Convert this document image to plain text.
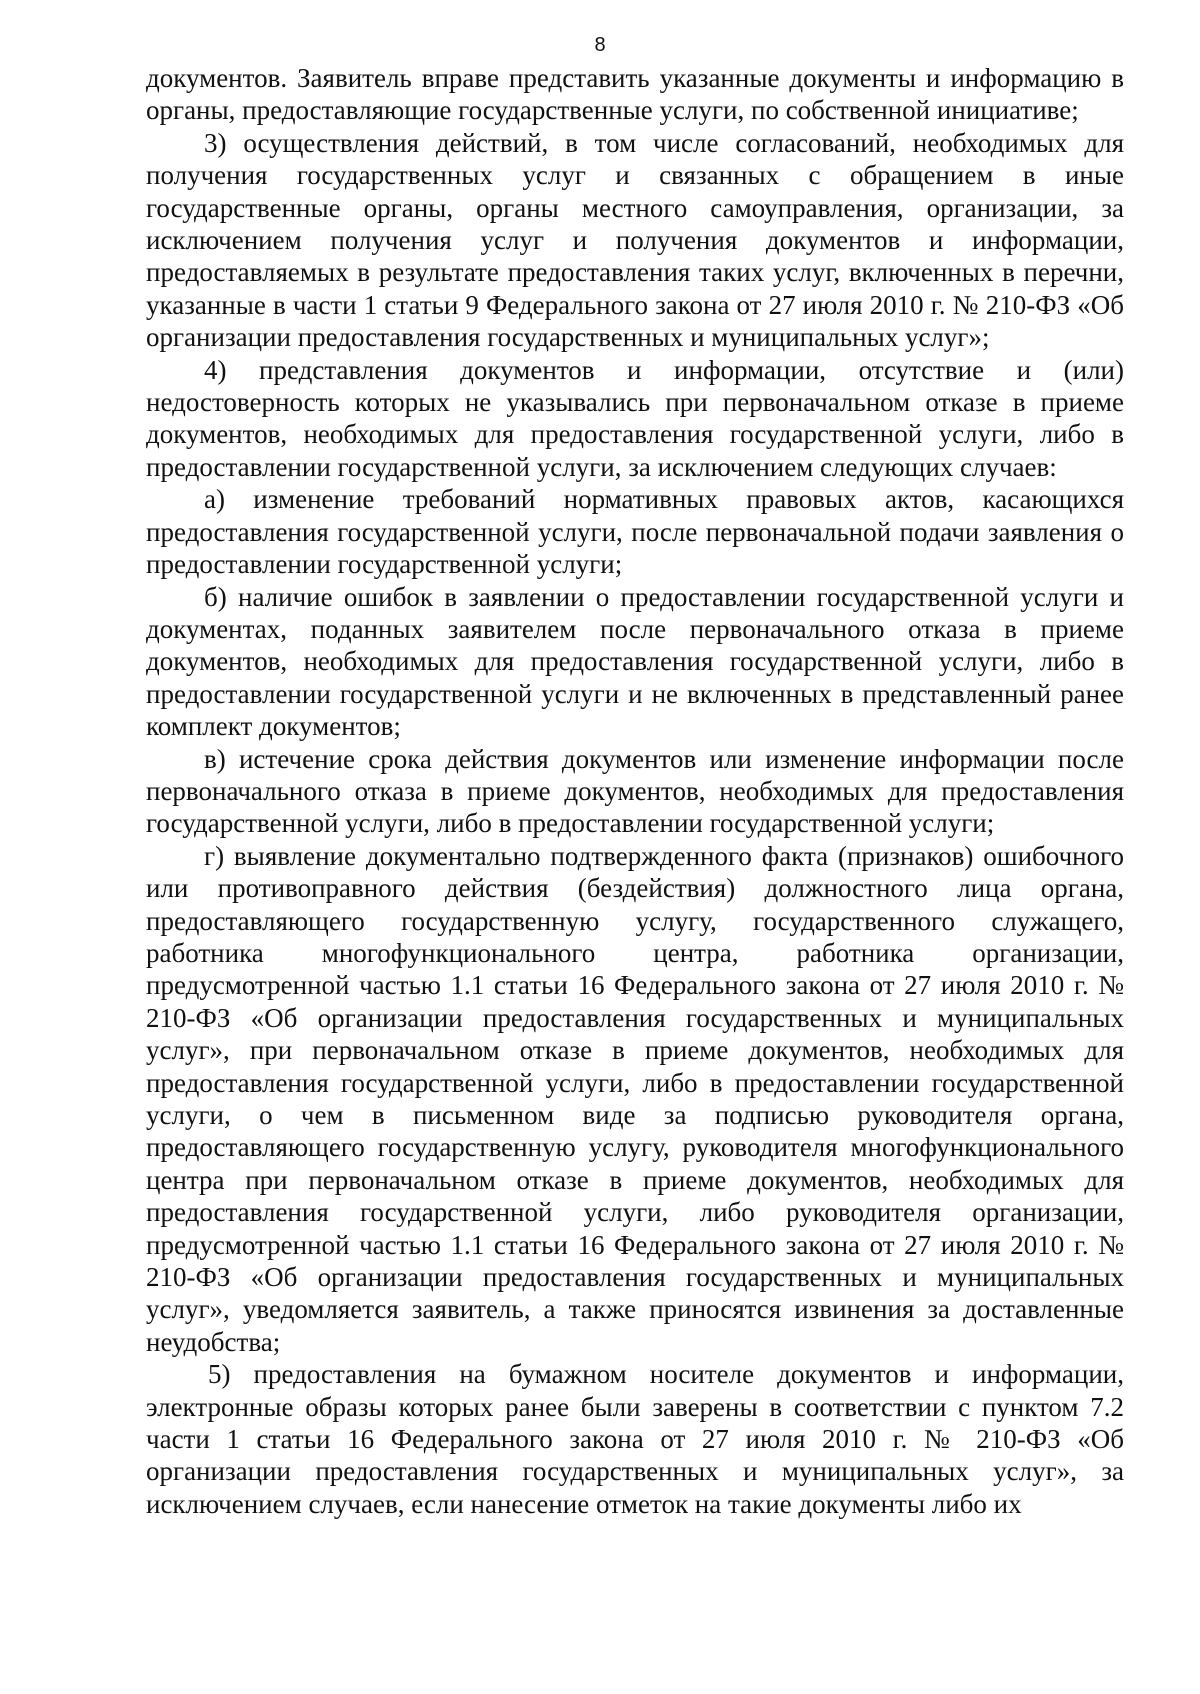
8

документов. Заявитель вправе представить указанные документы и информацию в органы, предоставляющие государственные услуги, по собственной инициативе;

3) осуществления действий, в том числе согласований, необходимых для получения государственных услуг и связанных с обращением в иные государственные органы, органы местного самоуправления, организации, за исключением получения услуг и получения документов и информации, предоставляемых в результате предоставления таких услуг, включенных в перечни, указанные в части 1 статьи 9 Федерального закона от 27 июля 2010 г. № 210-ФЗ «Об организации предоставления государственных и муниципальных услуг»;

4) представления документов и информации, отсутствие и (или) недостоверность которых не указывались при первоначальном отказе в приеме документов, необходимых для предоставления государственной услуги, либо в предоставлении государственной услуги, за исключением следующих случаев:

а) изменение требований нормативных правовых актов, касающихся предоставления государственной услуги, после первоначальной подачи заявления о предоставлении государственной услуги;

б) наличие ошибок в заявлении о предоставлении государственной услуги и документах, поданных заявителем после первоначального отказа в приеме документов, необходимых для предоставления государственной услуги, либо в предоставлении государственной услуги и не включенных в представленный ранее комплект документов;

в) истечение срока действия документов или изменение информации после первоначального отказа в приеме документов, необходимых для предоставления государственной услуги, либо в предоставлении государственной услуги;

г) выявление документально подтвержденного факта (признаков) ошибочного или противоправного действия (бездействия) должностного лица органа, предоставляющего государственную услугу, государственного служащего, работника многофункционального центра, работника организации, предусмотренной частью 1.1 статьи 16 Федерального закона от 27 июля 2010 г. № 210-ФЗ «Об организации предоставления государственных и муниципальных услуг», при первоначальном отказе в приеме документов, необходимых для предоставления государственной услуги, либо в предоставлении государственной услуги, о чем в письменном виде за подписью руководителя органа, предоставляющего государственную услугу, руководителя многофункционального центра при первоначальном отказе в приеме документов, необходимых для предоставления государственной услуги, либо руководителя организации, предусмотренной частью 1.1 статьи 16 Федерального закона от 27 июля 2010 г. № 210-ФЗ «Об организации предоставления государственных и муниципальных услуг», уведомляется заявитель, а также приносятся извинения за доставленные неудобства;

5) предоставления на бумажном носителе документов и информации, электронные образы которых ранее были заверены в соответствии с пунктом 7.2 части 1 статьи 16 Федерального закона от 27 июля 2010 г. № 210-ФЗ «Об организации предоставления государственных и муниципальных услуг», за исключением случаев, если нанесение отметок на такие документы либо их
